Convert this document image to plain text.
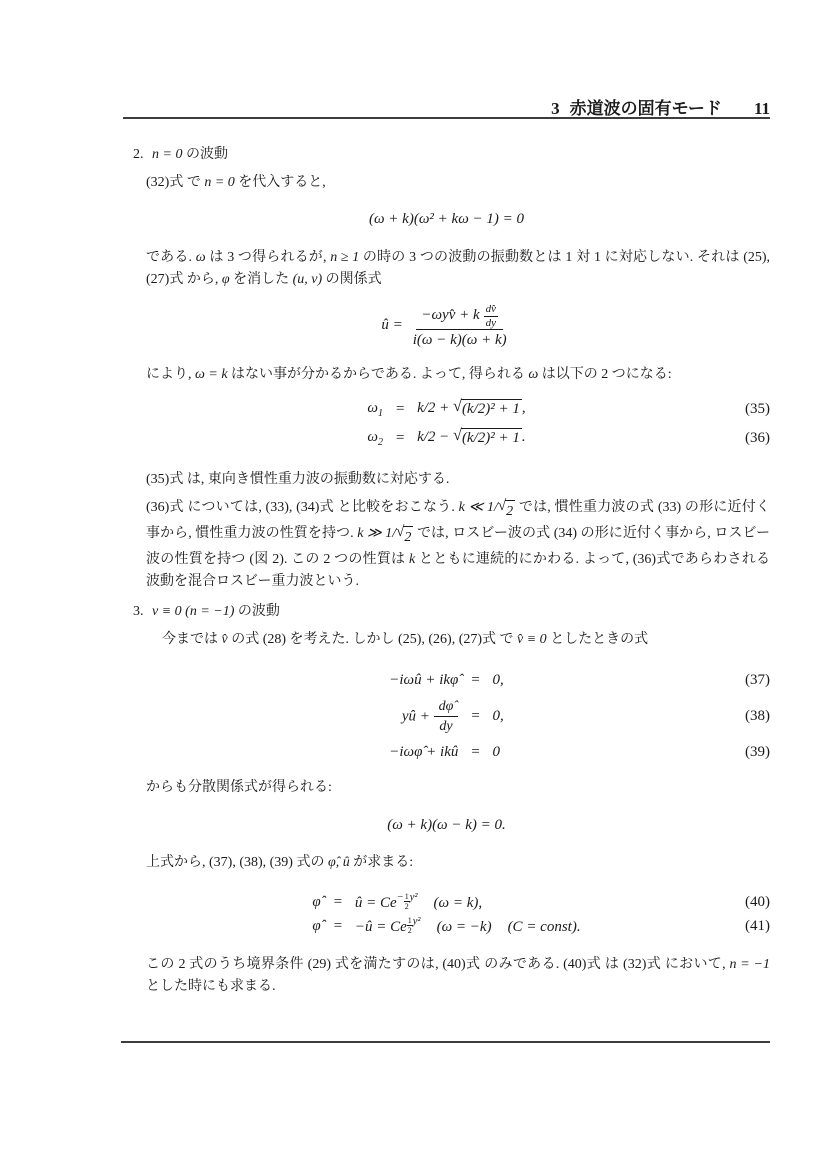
3 赤道波の固有モード 11
2. n = 0 の波動
(32)式 で n = 0 を代入すると,
(ω + k)(ω² + kω − 1) = 0
である. ω は 3 つ得られるが, n ≥ 1 の時の 3 つの波動の振動数とは 1 対 1 に対応しない. それは (25), (27)式 から, φ を消した (u, v) の関係式
û = $\frac{-\omega yv̂ + k \frac{dv̂}{dy}}{i(\omega - k)(\omega + k)}$
により, ω = k はない事が分かるからである. よって, 得られる ω は以下の 2 つになる:
$\omega_1 = k/2$ + √ (k/2)² + 1 ,	(35)
$\omega_2 = k/2$ − √ (k/2)² + 1 .	(36)
(35)式 は, 東向き慣性重力波の振動数に対応する.
(36)式 については, (33), (34)式 と比較をおこなう. k ≪ 1/ √ 2 では, 慣性重力波の式 (33) の形に近付く事から, 慣性重力波の性質を持つ. k ≫ 1/ √ 2 では, ロスビー波の式 (34) の形に近付く事から, ロスビー波の性質を持つ (図 2). この 2 つの性質は k とともに連続的にかわる. よって, (36)式であらわされる波動を混合ロスビー重力波という.
3. v ≡ 0 (n = −1) の波動
今までは v̂ の式 (28) を考えた. しかし (25), (26), (27)式 で v̂ ≡ 0 としたときの式
−iωû + ikφ̂ = 0,	(37)
yû + $\frac{d\varphî}{dy} = 0$,	(38)
−iωφ̂ + ikû = 0	(39)
からも分散関係式が得られる:
(ω + k)(ω − k) = 0.
上式から, (37), (38), (39) 式の φ̂, û が求まる:
φ̂ = û = $Ce^{- \frac{1}{2} y^2}$ (ω = k),	(40)
φ̂ = −û = Ce $^{\frac{1}{2} y^2}$ (ω = −k) (C = const).	(41)
この 2 式のうち境界条件 (29) 式を満たすのは, (40)式 のみである. (40)式 は (32)式 において, n = −1 とした時にも求まる.
